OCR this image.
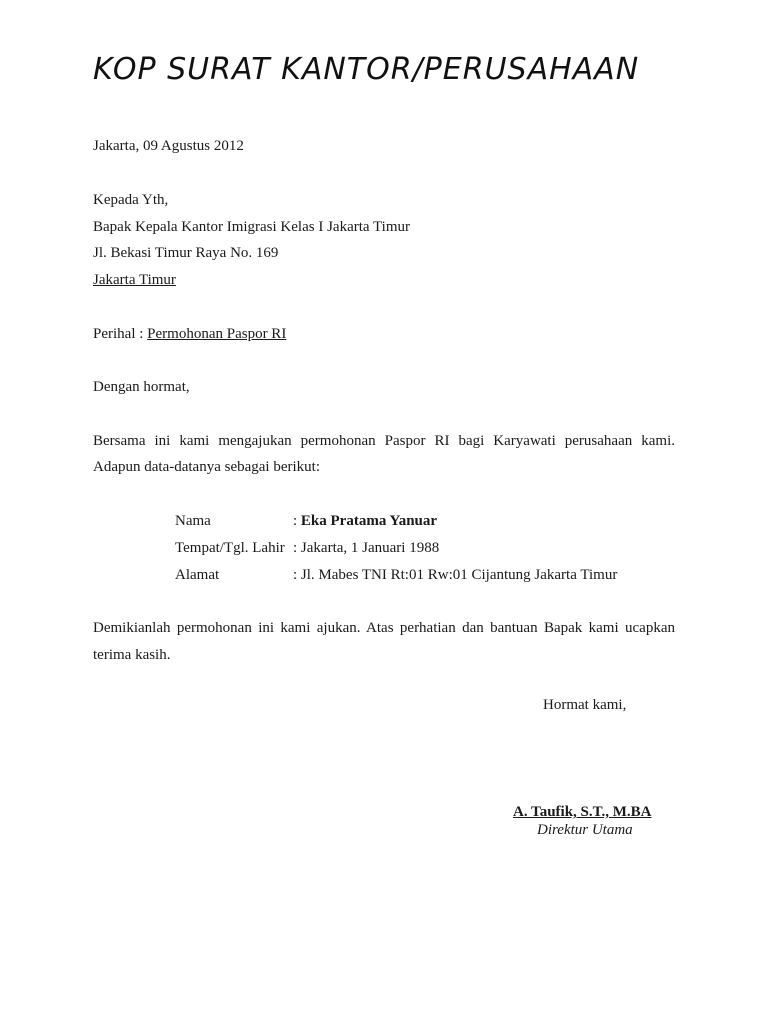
KOP SURAT KANTOR/PERUSAHAAN
Jakarta, 09 Agustus 2012
Kepada Yth,
Bapak Kepala Kantor Imigrasi Kelas I Jakarta Timur
Jl. Bekasi Timur Raya No. 169
Jakarta Timur
Perihal : Permohonan Paspor RI
Dengan hormat,
Bersama ini kami mengajukan permohonan Paspor RI bagi Karyawati perusahaan kami.
Adapun data-datanya sebagai berikut:
Nama	: Eka Pratama Yanuar
Tempat/Tgl. Lahir : Jakarta, 1 Januari 1988
Alamat	: Jl. Mabes TNI Rt:01 Rw:01 Cijantung Jakarta Timur
Demikianlah permohonan ini kami ajukan. Atas perhatian dan bantuan Bapak kami ucapkan
terima kasih.
Hormat kami,
A. Taufik, S.T., M.BA
Direktur Utama
